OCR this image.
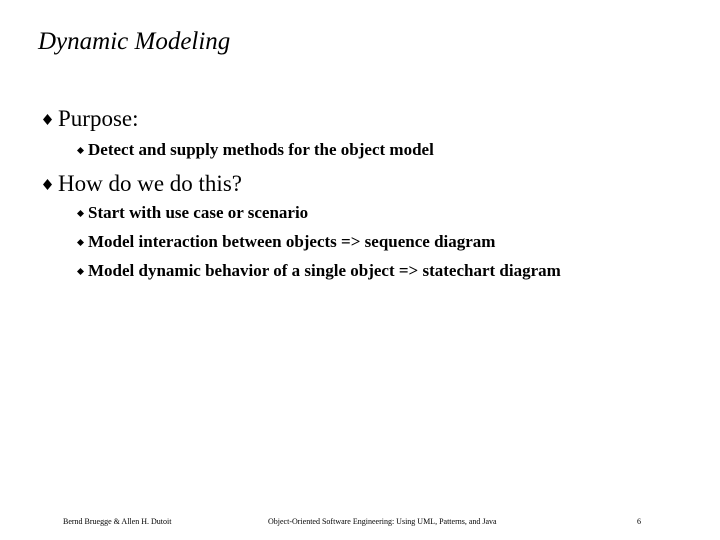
Dynamic Modeling
Purpose:
Detect and supply methods for the object model
How do we do this?
Start with use case or scenario
Model interaction between objects => sequence diagram
Model dynamic behavior of a single object => statechart diagram
Bernd Bruegge & Allen H. Dutoit	Object-Oriented Software Engineering: Using UML, Patterns, and Java	6
